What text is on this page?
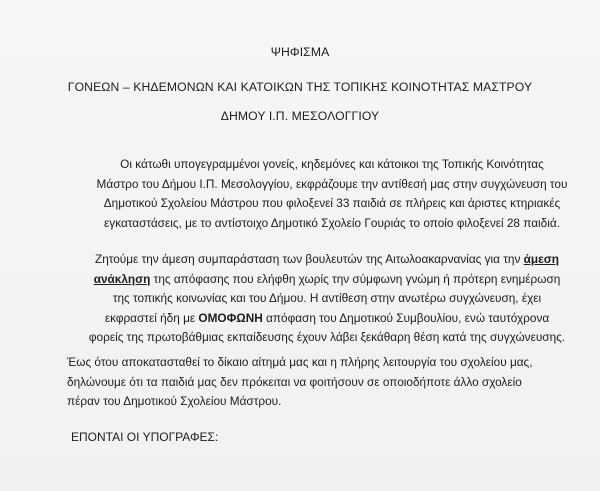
ΨΗΦΙΣΜΑ
ΓΟΝΕΩΝ – ΚΗΔΕΜΟΝΩΝ ΚΑΙ ΚΑΤΟΙΚΩΝ ΤΗΣ ΤΟΠΙΚΗΣ ΚΟΙΝΟΤΗΤΑΣ ΜΑΣΤΡΟΥ
ΔΗΜΟΥ Ι.Π. ΜΕΣΟΛΟΓΓΙΟΥ
Οι κάτωθι υπογεγραμμένοι γονείς, κηδεμόνες και κάτοικοι της Τοπικής Κοινότητας
Μάστρο του Δήμου Ι.Π. Μεσολογγίου, εκφράζουμε την αντίθεσή μας στην συγχώνευση του
Δημοτικού Σχολείου Μάστρου που φιλοξενεί 33 παιδιά σε πλήρεις και άριστες κτηριακές
εγκαταστάσεις, με το αντίστοιχο Δημοτικό Σχολείο Γουριάς το οποίο φιλοξενεί 28 παιδιά.
Ζητούμε την άμεση συμπαράσταση των βουλευτών της Αιτωλοακαρνανίας για την άμεση
ανάκληση της απόφασης που ελήφθη χωρίς την σύμφωνη γνώμη ή πρότερη ενημέρωση
της τοπικής κοινωνίας και του Δήμου. Η αντίθεση στην ανωτέρω συγχώνευση, έχει
εκφραστεί ήδη με ΟΜΟΦΩΝΗ απόφαση του Δημοτικού Συμβουλίου, ενώ ταυτόχρονα
φορείς της πρωτοβάθμιας εκπαίδευσης έχουν λάβει ξεκάθαρη θέση κατά της συγχώνευσης.
Έως ότου αποκατασταθεί το δίκαιο αίτημά μας και η πλήρης λειτουργία του σχολείου μας,
δηλώνουμε ότι τα παιδιά μας δεν πρόκειται να φοιτήσουν σε οποιοδήποτε άλλο σχολείο
πέραν του Δημοτικού Σχολείου Μάστρου.
ΕΠΟΝΤΑΙ ΟΙ ΥΠΟΓΡΑΦΕΣ:
